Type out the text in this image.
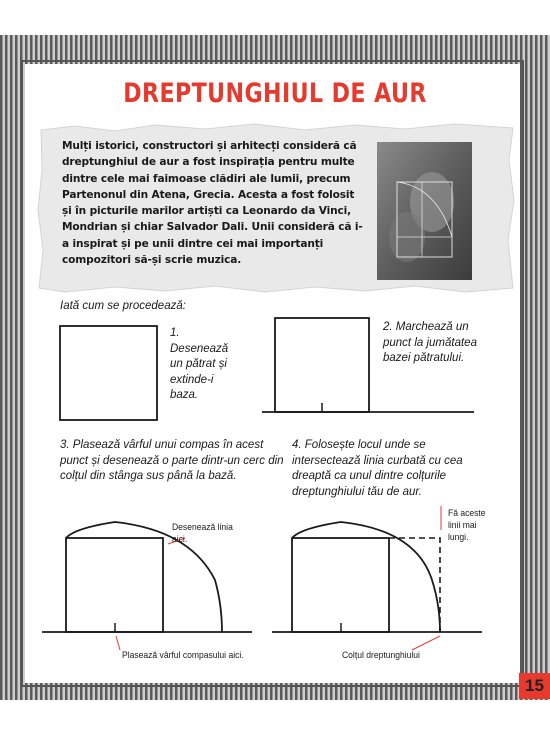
DREPTUNGHIUL DE AUR
Mulți istorici, constructori și arhitecți consideră că dreptunghiul de aur a fost inspirația pentru multe dintre cele mai faimoase clădiri ale lumii, precum Partenonul din Atena, Grecia. Acesta a fost folosit și în picturile marilor artiști ca Leonardo da Vinci, Mondrian și chiar Salvador Dali. Unii consideră că i-a inspirat și pe unii dintre cei mai importanți compozitori să-și scrie muzica.
Iată cum se procedează:
1. Desenează un pătrat și extinde-i baza.
2. Marchează un punct la jumătatea bazei pătratului.
3. Plasează vârful unui compas în acest punct și desenează o parte dintr-un cerc din colțul din stânga sus până la bază.
4. Folosește locul unde se intersectează linia curbată cu cea dreaptă ca unul dintre colțurile dreptunghiului tău de aur.
Desenează linia aici.
Plasează vârful compasului aici.
Fă aceste linii mai lungi.
Colțul dreptunghiului
15
